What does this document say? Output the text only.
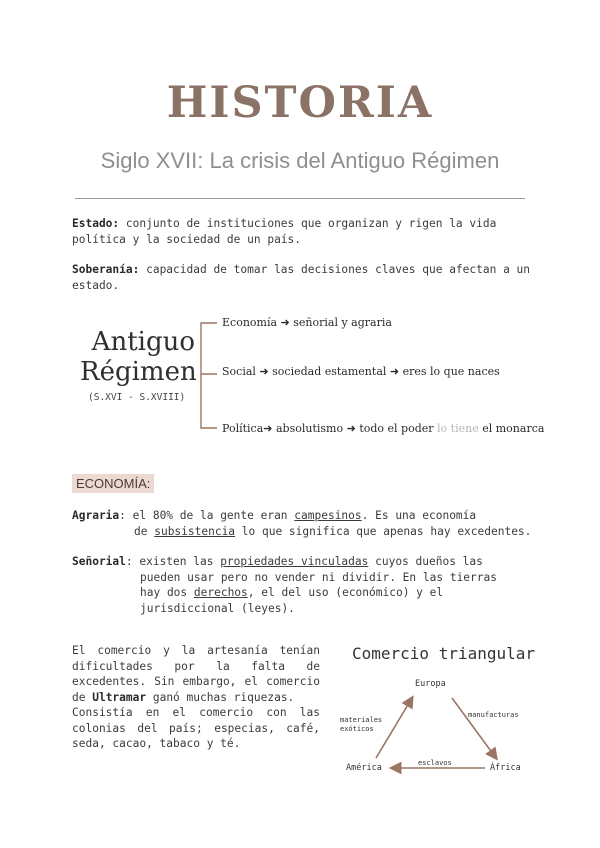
HISTORIA
Siglo XVII: La crisis del Antiguo Régimen
Estado: conjunto de instituciones que organizan y rigen la vida política y la sociedad de un país.
Soberanía: capacidad de tomar las decisiones claves que afectan a un estado.
Antiguo
Régimen
(S.XVI - S.XVIII)
Economía ➜ señorial y agraria
Social ➜ sociedad estamental ➜ eres lo que naces
Política➜ absolutismo ➜ todo el poder lo tiene el monarca
ECONOMÍA:
Agraria: el 80% de la gente eran campesinos. Es una economía
de subsistencia lo que significa que apenas hay excedentes.
Señorial: existen las propiedades vinculadas cuyos dueños las
pueden usar pero no vender ni dividir. En las tierras
hay dos derechos, el del uso (económico) y el
jurisdiccional (leyes).
El comercio y la artesanía tenían
dificultades por la falta de
excedentes. Sin embargo, el comercio
de Ultramar ganó muchas riquezas.
Consistía en el comercio con las
colonias del país; especias, café,
seda, cacao, tabaco y té.
Comercio triangular
Europa
América	África
materiales
exóticos
manufacturas
esclavos
